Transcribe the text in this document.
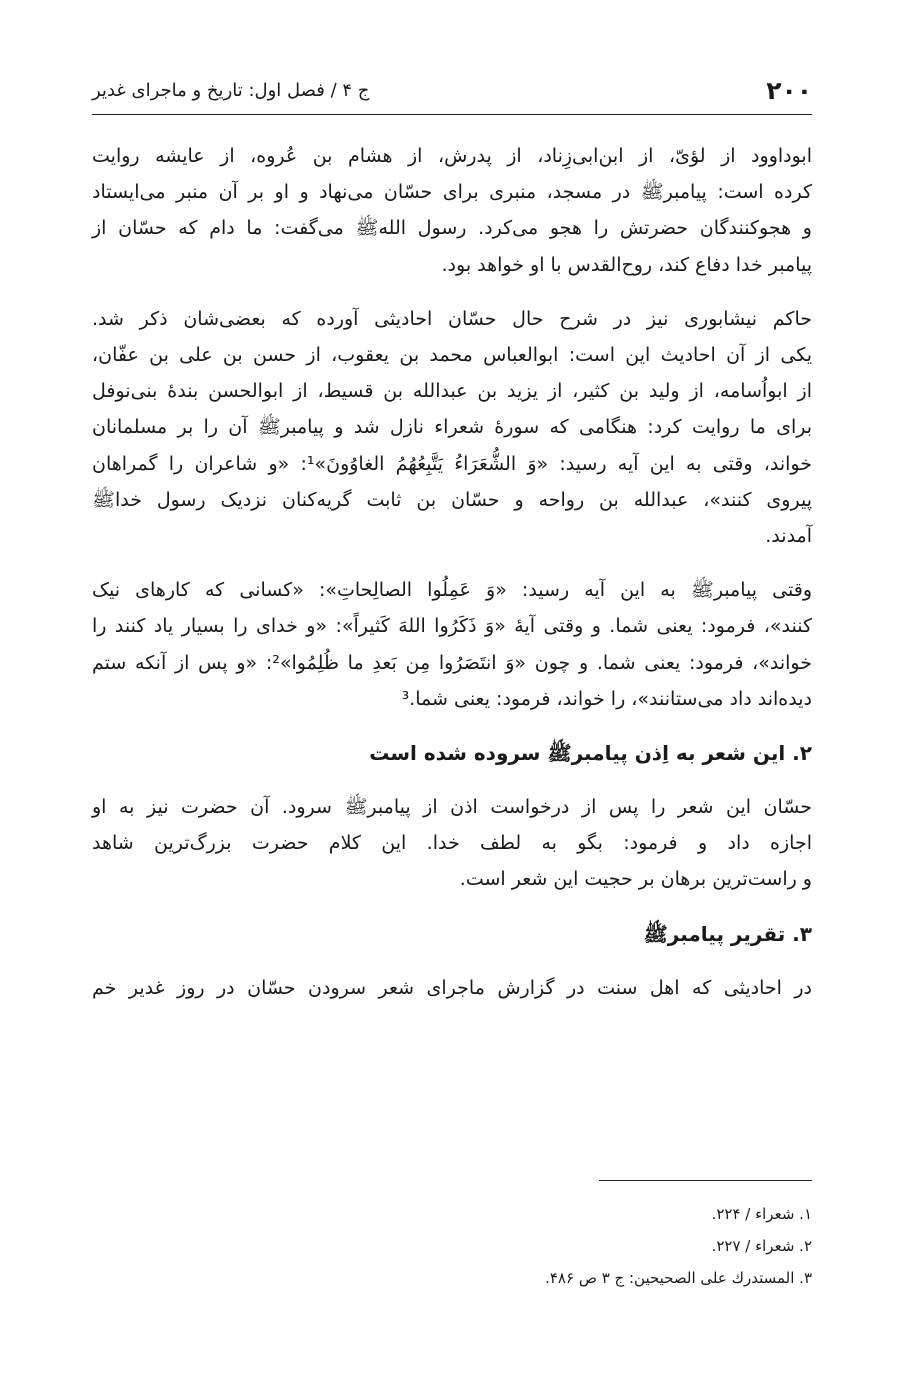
۲۰۰
ج ۴ / فصل اول: تاریخ و ماجرای غدیر

ابوداوود از لؤیّ، از ابن‌ابی‌زِناد، از پدرش، از هشام بن عُروه، از عایشه روایت
کرده است: پیامبرﷺ در مسجد، منبری برای حسّان می‌نهاد و او بر آن منبر می‌ایستاد
و هجوکنندگان حضرتش را هجو می‌کرد. رسول اللهﷺ می‌گفت: ما دام که حسّان از
پیامبر خدا دفاع کند، روح‌القدس با او خواهد بود.

حاکم نیشابوری نیز در شرح حال حسّان احادیثی آورده که بعضی‌شان ذکر شد.
یکی از آن احادیث این است: ابوالعباس محمد بن یعقوب، از حسن بن علی بن عفّان،
از ابواُسامه، از ولید بن کثیر، از یزید بن عبدالله بن قسیط، از ابوالحسن بندهٔ بنی‌نوفل
برای ما روایت کرد: هنگامی که سورهٔ شعراء نازل شد و پیامبرﷺ آن را بر مسلمانان
خواند، وقتی به این آیه رسید: «وَ الشُّعَرَاءُ يَتَّبِعُهُمُ الغاوُونَ»¹: «و شاعران را گمراهان
پیروی کنند»، عبدالله بن رواحه و حسّان بن ثابت گریه‌کنان نزدیک رسول خداﷺ
آمدند.

وقتی پیامبرﷺ به این آیه رسید: «وَ عَمِلُوا الصالِحاتِ»: «کسانی که کارهای نیک
کنند»، فرمود: یعنی شما. و وقتی آیهٔ «وَ ذَكَرُوا اللهَ كَثيراً»: «و خدای را بسیار یاد کنند را
خواند»، فرمود: یعنی شما. و چون «وَ انتَصَرُوا مِن بَعدِ ما ظُلِمُوا»²: «و پس از آنکه ستم
دیده‌اند داد می‌ستانند»، را خواند، فرمود: یعنی شما.³

۲. این شعر به اِذن پیامبرﷺ سروده شده است

حسّان این شعر را پس از درخواست اذن از پیامبرﷺ سرود. آن حضرت نیز به او
اجازه داد و فرمود: بگو به لطف خدا. این کلام حضرت بزرگ‌ترین شاهد
و راست‌ترین برهان بر حجیت این شعر است.

۳. تقریر پیامبرﷺ

در احادیثی که اهل سنت در گزارش ماجرای شعر سرودن حسّان در روز غدیر خم

۱. شعراء / ۲۲۴.
۲. شعراء / ۲۲۷.
۳. المستدرك على الصحيحين: ج ۳ ص ۴۸۶.
